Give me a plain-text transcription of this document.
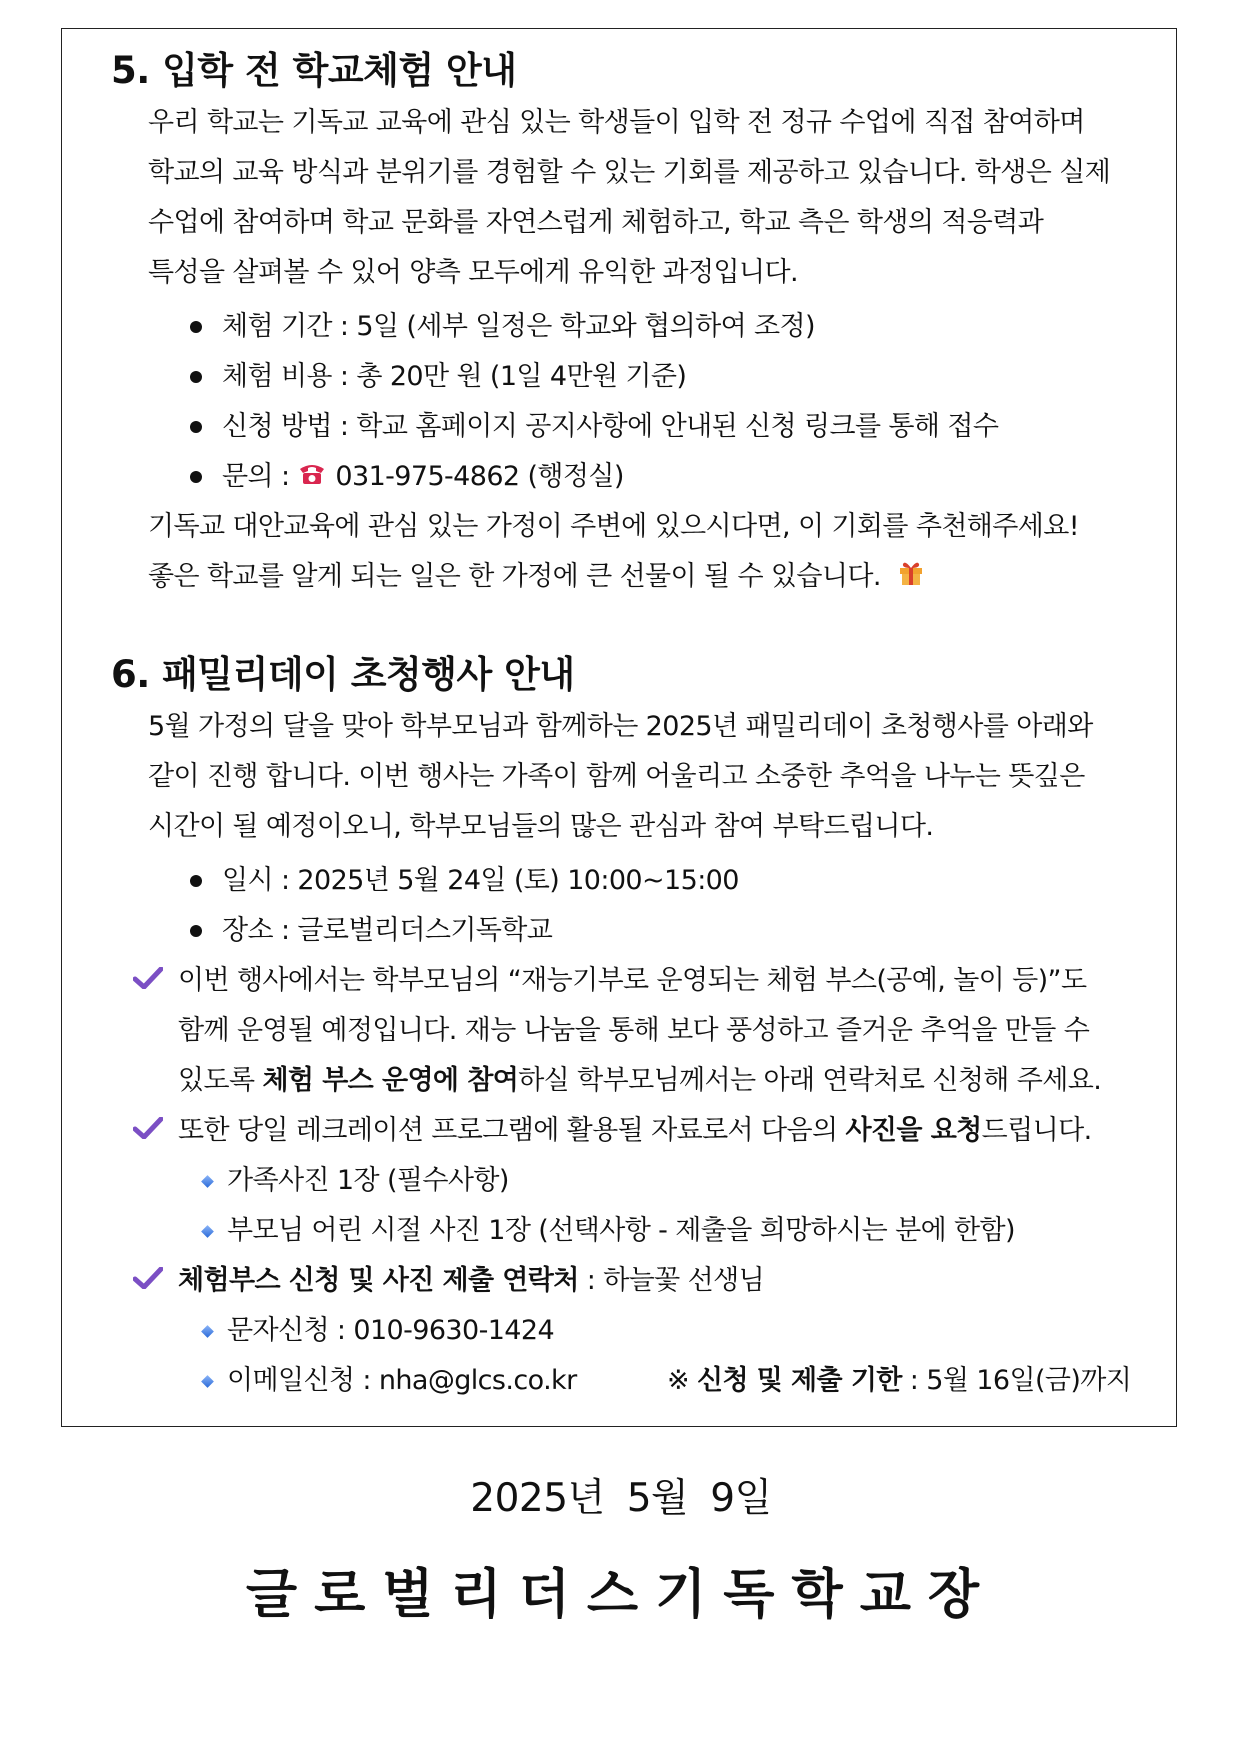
5. 입학 전 학교체험 안내
우리 학교는 기독교 교육에 관심 있는 학생들이 입학 전 정규 수업에 직접 참여하며
학교의 교육 방식과 분위기를 경험할 수 있는 기회를 제공하고 있습니다. 학생은 실제
수업에 참여하며 학교 문화를 자연스럽게 체험하고, 학교 측은 학생의 적응력과
특성을 살펴볼 수 있어 양측 모두에게 유익한 과정입니다.
체험 기간 : 5일 (세부 일정은 학교와 협의하여 조정)
체험 비용 : 총 20만 원 (1일 4만원 기준)
신청 방법 : 학교 홈페이지 공지사항에 안내된 신청 링크를 통해 접수
문의 : 031-975-4862 (행정실)
기독교 대안교육에 관심 있는 가정이 주변에 있으시다면, 이 기회를 추천해주세요!
좋은 학교를 알게 되는 일은 한 가정에 큰 선물이 될 수 있습니다.
6. 패밀리데이 초청행사 안내
5월 가정의 달을 맞아 학부모님과 함께하는 2025년 패밀리데이 초청행사를 아래와
같이 진행 합니다. 이번 행사는 가족이 함께 어울리고 소중한 추억을 나누는 뜻깊은
시간이 될 예정이오니, 학부모님들의 많은 관심과 참여 부탁드립니다.
일시 : 2025년 5월 24일 (토) 10:00~15:00
장소 : 글로벌리더스기독학교
이번 행사에서는 학부모님의 “재능기부로 운영되는 체험 부스(공예, 놀이 등)”도
함께 운영될 예정입니다. 재능 나눔을 통해 보다 풍성하고 즐거운 추억을 만들 수
있도록 체험 부스 운영에 참여하실 학부모님께서는 아래 연락처로 신청해 주세요.
또한 당일 레크레이션 프로그램에 활용될 자료로서 다음의 사진을 요청드립니다.
가족사진 1장 (필수사항)
부모님 어린 시절 사진 1장 (선택사항 - 제출을 희망하시는 분에 한함)
체험부스 신청 및 사진 제출 연락처 : 하늘꽃 선생님
문자신청 : 010-9630-1424
이메일신청 : nha@glcs.co.kr	※ 신청 및 제출 기한 : 5월 16일(금)까지
2025년 5월 9일
글로벌리더스기독학교장
